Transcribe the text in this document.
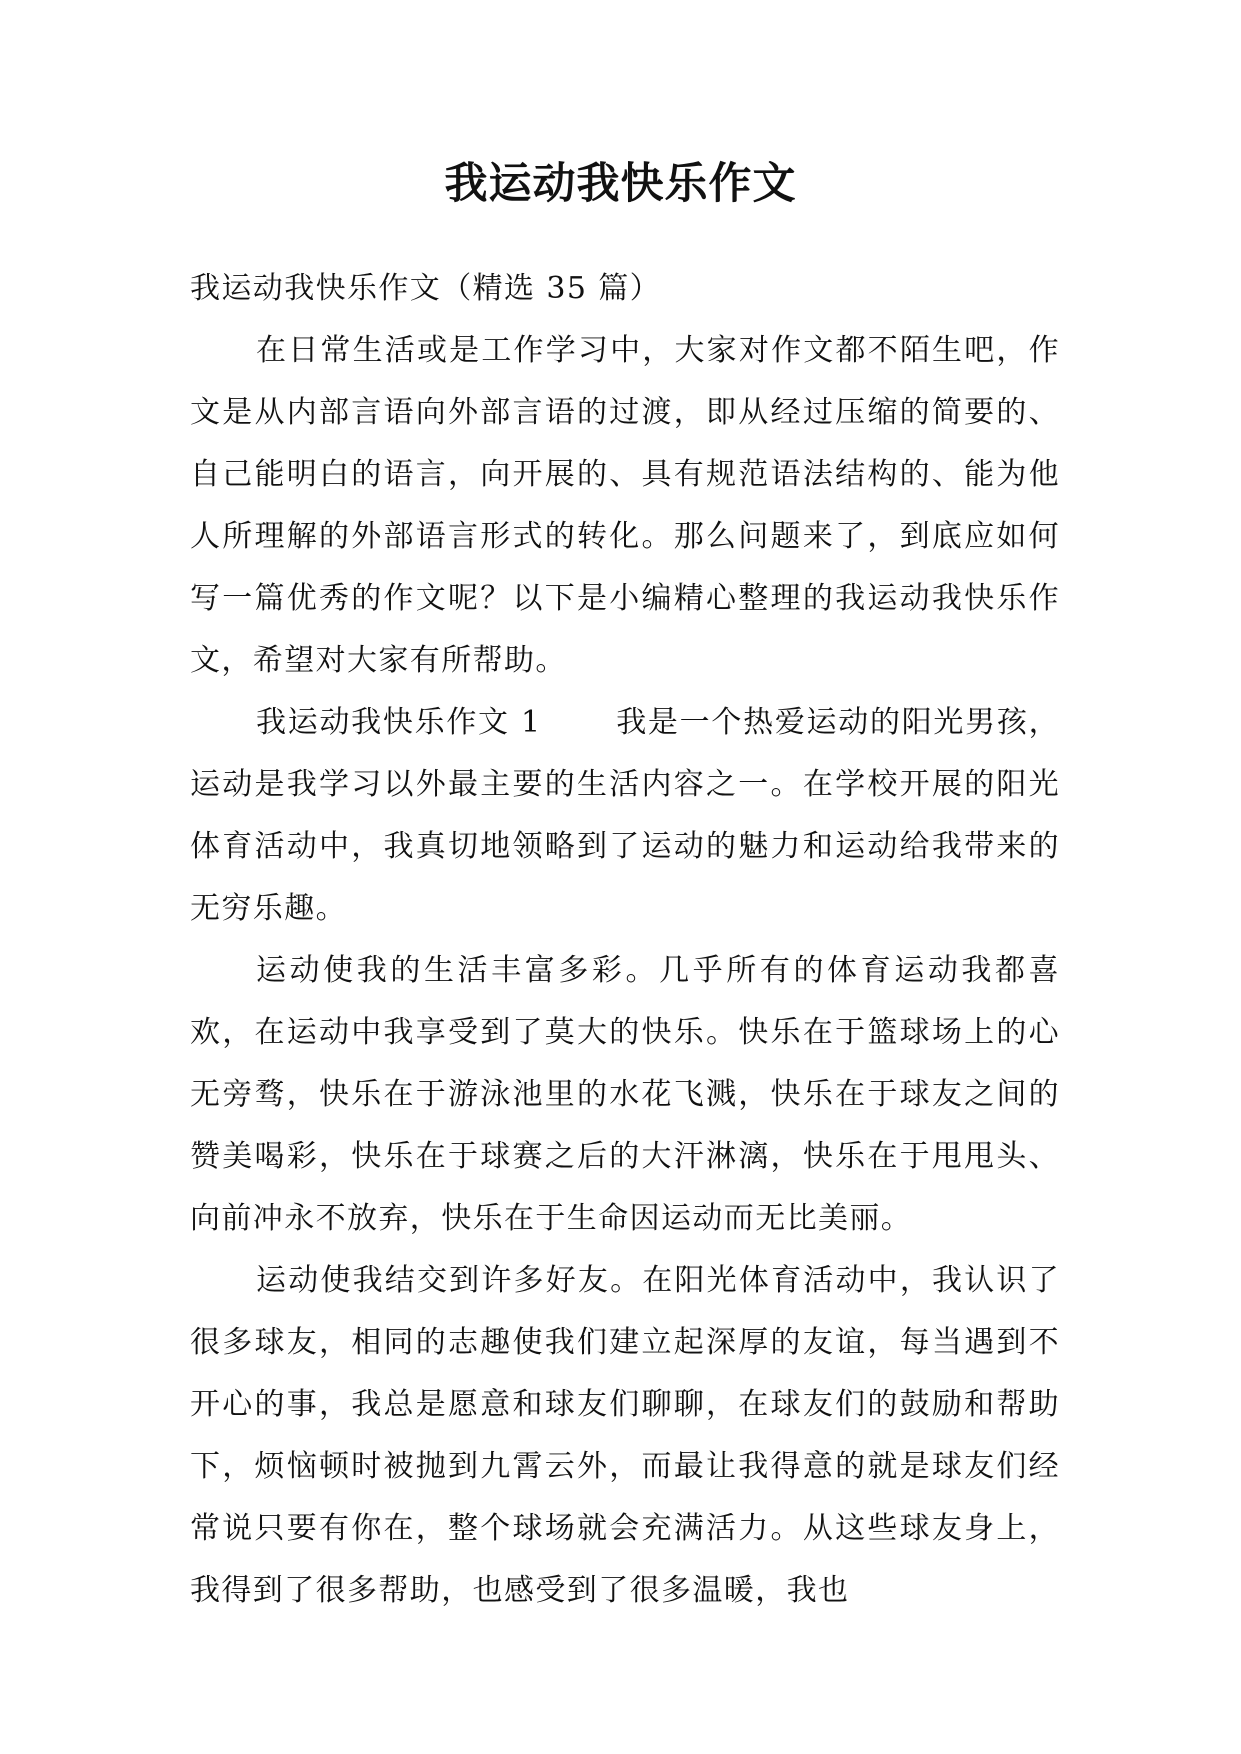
我运动我快乐作文

我运动我快乐作文（精选 35 篇）

在日常生活或是工作学习中，大家对作文都不陌生吧，作文是从内部言语向外部言语的过渡，即从经过压缩的简要的、自己能明白的语言，向开展的、具有规范语法结构的、能为他人所理解的外部语言形式的转化。那么问题来了，到底应如何写一篇优秀的作文呢？以下是小编精心整理的我运动我快乐作文，希望对大家有所帮助。

我运动我快乐作文 1 　　我是一个热爱运动的阳光男孩，运动是我学习以外最主要的生活内容之一。在学校开展的阳光体育活动中，我真切地领略到了运动的魅力和运动给我带来的无穷乐趣。

运动使我的生活丰富多彩。几乎所有的体育运动我都喜欢，在运动中我享受到了莫大的快乐。快乐在于篮球场上的心无旁骛，快乐在于游泳池里的水花飞溅，快乐在于球友之间的赞美喝彩，快乐在于球赛之后的大汗淋漓，快乐在于甩甩头、向前冲永不放弃，快乐在于生命因运动而无比美丽。

运动使我结交到许多好友。在阳光体育活动中，我认识了很多球友，相同的志趣使我们建立起深厚的友谊，每当遇到不开心的事，我总是愿意和球友们聊聊，在球友们的鼓励和帮助下，烦恼顿时被抛到九霄云外，而最让我得意的就是球友们经常说只要有你在，整个球场就会充满活力。从这些球友身上，我得到了很多帮助，也感受到了很多温暖，我也
